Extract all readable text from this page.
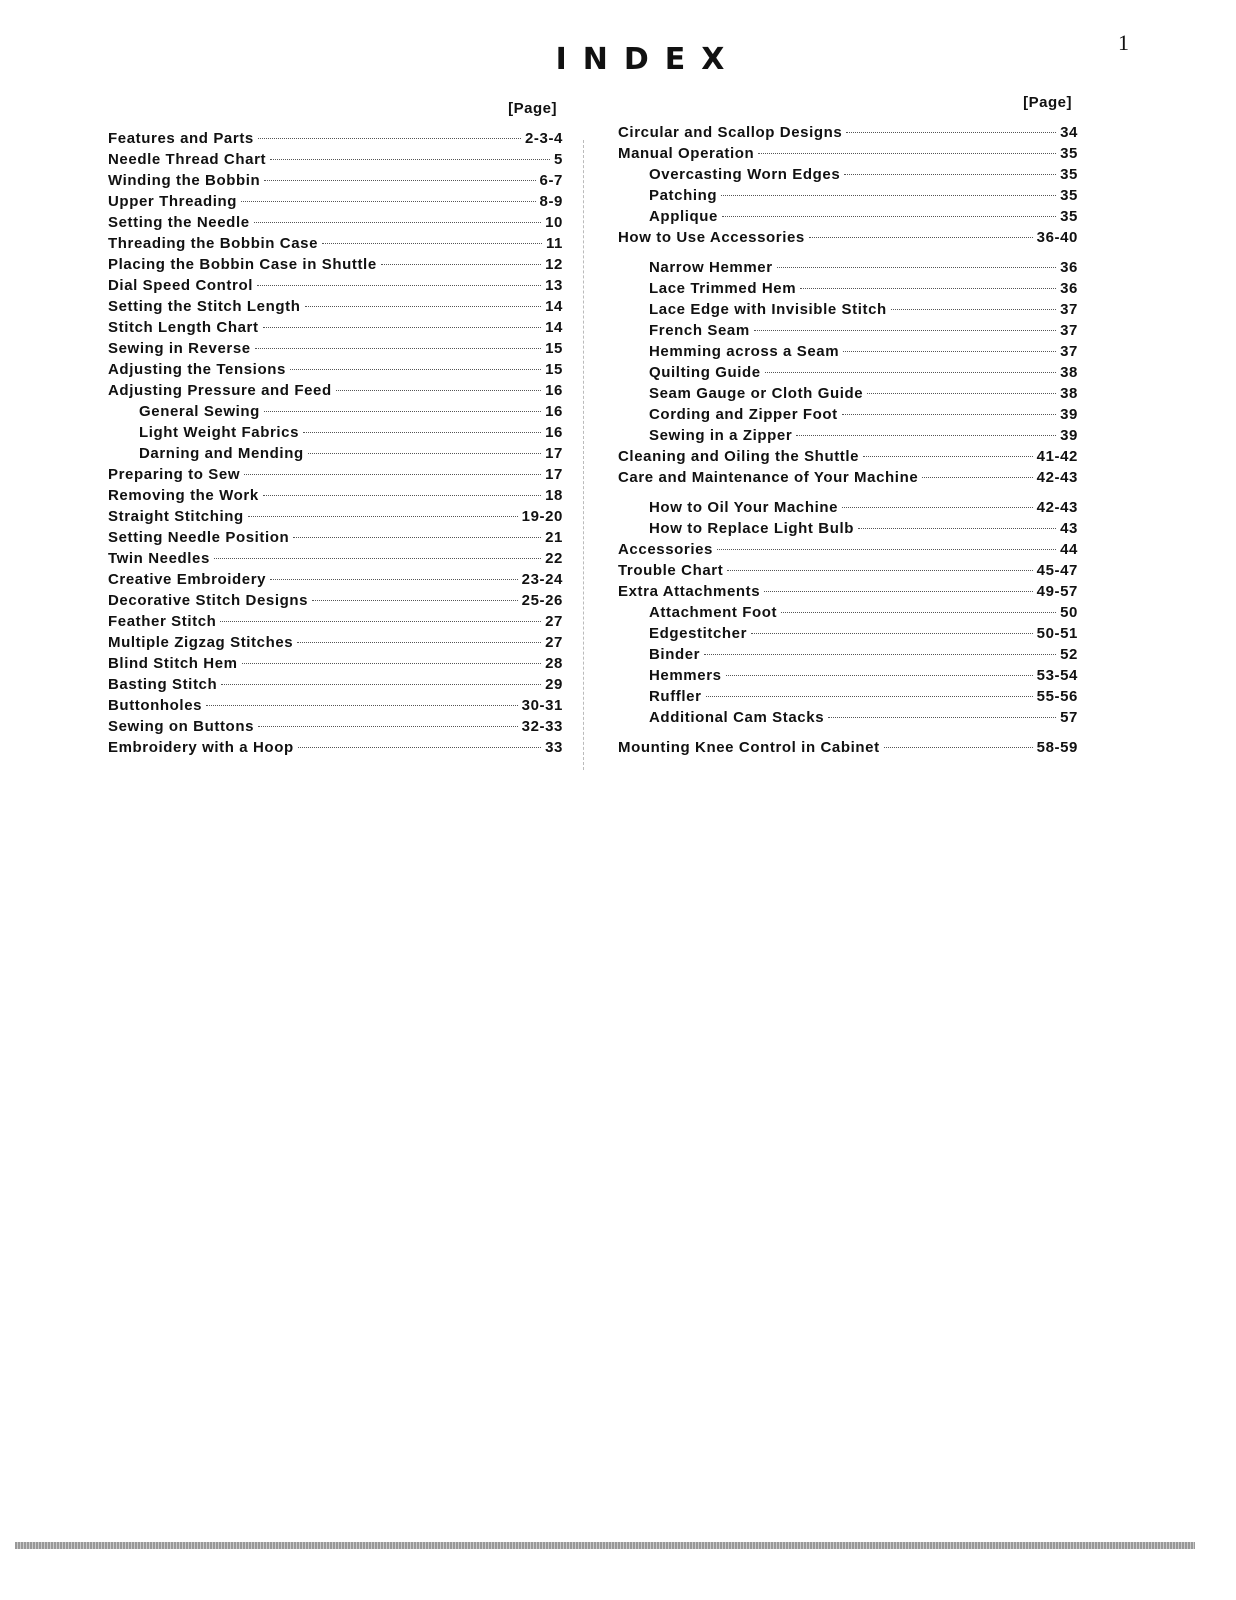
1
INDEX
[Page]
Features and Parts	2-3-4
Needle Thread Chart	5
Winding the Bobbin	6-7
Upper Threading	8-9
Setting the Needle	10
Threading the Bobbin Case	11
Placing the Bobbin Case in Shuttle	12
Dial Speed Control	13
Setting the Stitch Length	14
Stitch Length Chart	14
Sewing in Reverse	15
Adjusting the Tensions	15
Adjusting Pressure and Feed	16
General Sewing	16
Light Weight Fabrics	16
Darning and Mending	17
Preparing to Sew	17
Removing the Work	18
Straight Stitching	19-20
Setting Needle Position	21
Twin Needles	22
Creative Embroidery	23-24
Decorative Stitch Designs	25-26
Feather Stitch	27
Multiple Zigzag Stitches	27
Blind Stitch Hem	28
Basting Stitch	29
Buttonholes	30-31
Sewing on Buttons	32-33
Embroidery with a Hoop	33
[Page]
Circular and Scallop Designs	34
Manual Operation	35
Overcasting Worn Edges	35
Patching	35
Applique	35
How to Use Accessories	36-40
Narrow Hemmer	36
Lace Trimmed Hem	36
Lace Edge with Invisible Stitch	37
French Seam	37
Hemming across a Seam	37
Quilting Guide	38
Seam Gauge or Cloth Guide	38
Cording and Zipper Foot	39
Sewing in a Zipper	39
Cleaning and Oiling the Shuttle	41-42
Care and Maintenance of Your Machine	42-43
How to Oil Your Machine	42-43
How to Replace Light Bulb	43
Accessories	44
Trouble Chart	45-47
Extra Attachments	49-57
Attachment Foot	50
Edgestitcher	50-51
Binder	52
Hemmers	53-54
Ruffler	55-56
Additional Cam Stacks	57
Mounting Knee Control in Cabinet	58-59
